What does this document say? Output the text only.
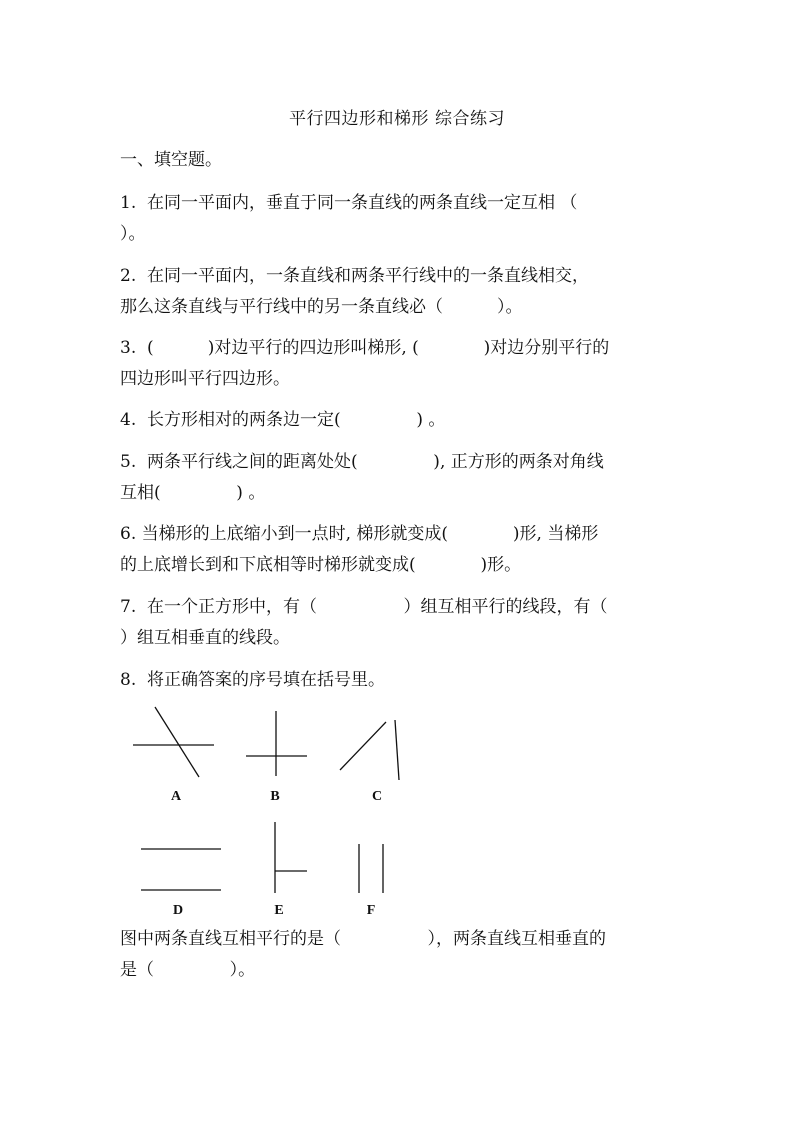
平行四边形和梯形 综合练习
一、填空题。
1.  在同一平面内，垂直于同一条直线的两条直线一定互相 （
）。
2.  在同一平面内，一条直线和两条平行线中的一条直线相交，
那么这条直线与平行线中的另一条直线必（          ）。
3.  (          )对边平行的四边形叫梯形, (            )对边分别平行的
四边形叫平行四边形。
4.  长方形相对的两条边一定(              ) 。
5.  两条平行线之间的距离处处(              ), 正方形的两条对角线
互相(              ) 。
6. 当梯形的上底缩小到一点时, 梯形就变成(            )形, 当梯形
的上底增长到和下底相等时梯形就变成(            )形。
7.  在一个正方形中，有（                ）组互相平行的线段，有（
）组互相垂直的线段。
8.  将正确答案的序号填在括号里。
A	B	C
D	E	F
图中两条直线互相平行的是（                ），两条直线互相垂直的
是（              ）。
